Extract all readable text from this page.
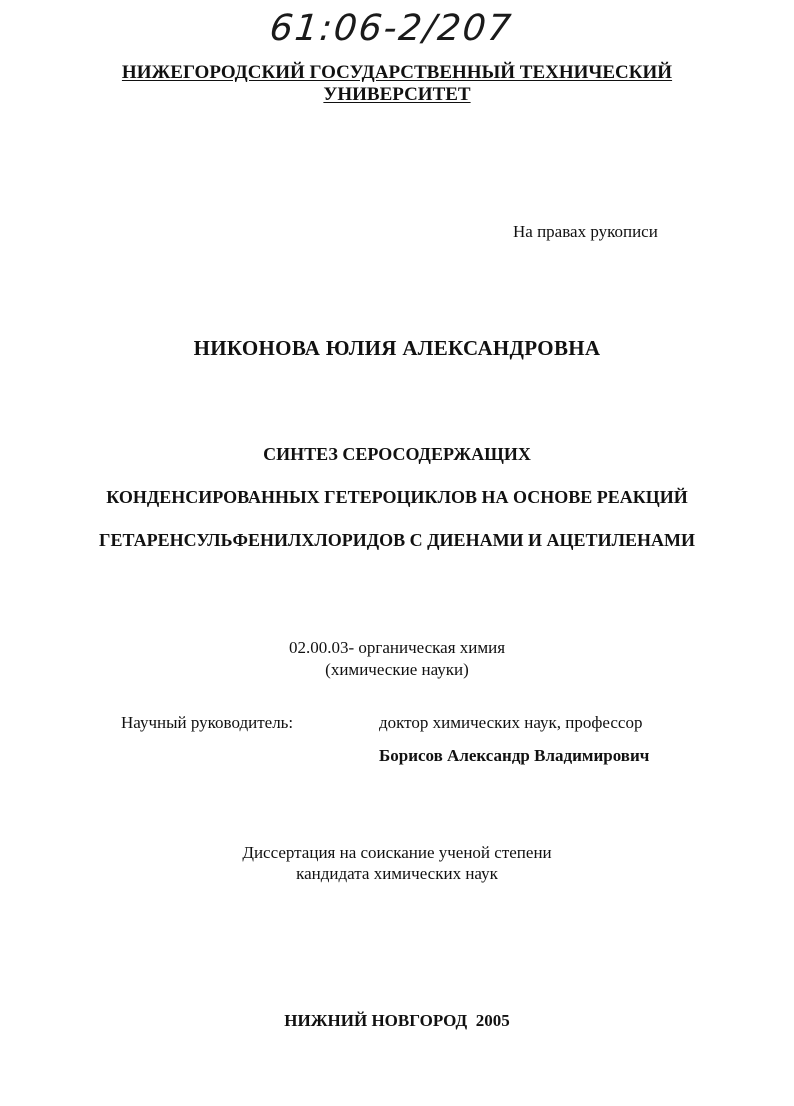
61:06-2/207
НИЖЕГОРОДСКИЙ ГОСУДАРСТВЕННЫЙ ТЕХНИЧЕСКИЙ
УНИВЕРСИТЕТ
На правах рукописи
НИКОНОВА ЮЛИЯ АЛЕКСАНДРОВНА
СИНТЕЗ СЕРОСОДЕРЖАЩИХ
КОНДЕНСИРОВАННЫХ ГЕТЕРОЦИКЛОВ НА ОСНОВЕ РЕАКЦИЙ
ГЕТАРЕНСУЛЬФЕНИЛХЛОРИДОВ С ДИЕНАМИ И АЦЕТИЛЕНАМИ
02.00.03- органическая химия
(химические науки)
Научный руководитель:	доктор химических наук, профессор
Борисов Александр Владимирович
Диссертация на соискание ученой степени
кандидата химических наук
НИЖНИЙ НОВГОРОД  2005
